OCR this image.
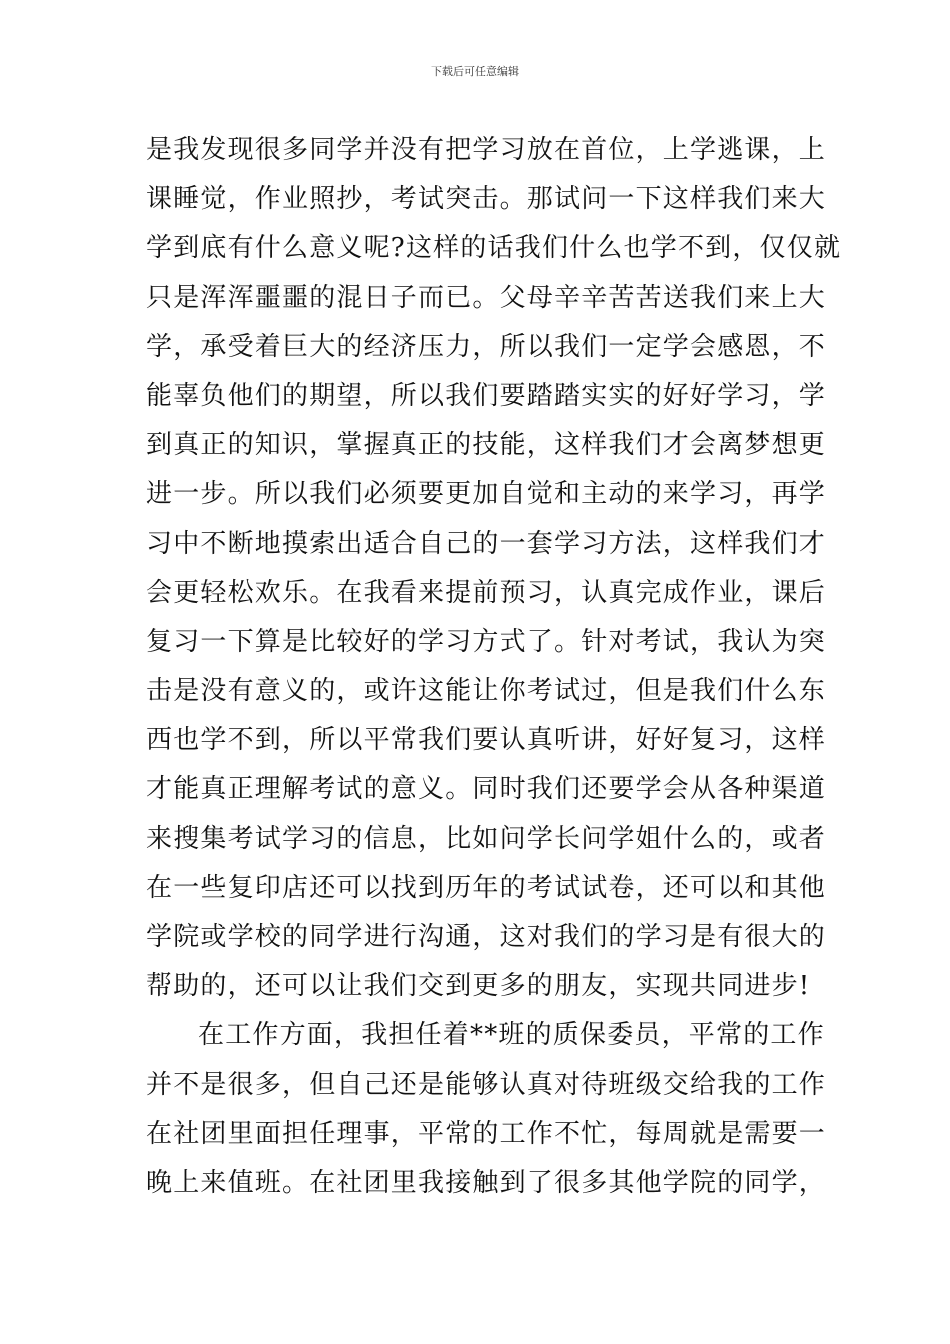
下载后可任意编辑
是我发现很多同学并没有把学习放在首位，上学逃课，上
课睡觉，作业照抄，考试突击。那试问一下这样我们来大
学到底有什么意义呢?这样的话我们什么也学不到，仅仅就
只是浑浑噩噩的混日子而已。父母辛辛苦苦送我们来上大
学，承受着巨大的经济压力，所以我们一定学会感恩，不
能辜负他们的期望，所以我们要踏踏实实的好好学习，学
到真正的知识，掌握真正的技能，这样我们才会离梦想更
进一步。所以我们必须要更加自觉和主动的来学习，再学
习中不断地摸索出适合自己的一套学习方法，这样我们才
会更轻松欢乐。在我看来提前预习，认真完成作业，课后
复习一下算是比较好的学习方式了。针对考试，我认为突
击是没有意义的，或许这能让你考试过，但是我们什么东
西也学不到，所以平常我们要认真听讲，好好复习，这样
才能真正理解考试的意义。同时我们还要学会从各种渠道
来搜集考试学习的信息，比如问学长问学姐什么的，或者
在一些复印店还可以找到历年的考试试卷，还可以和其他
学院或学校的同学进行沟通，这对我们的学习是有很大的
帮助的，还可以让我们交到更多的朋友，实现共同进步!
在工作方面，我担任着**班的质保委员，平常的工作
并不是很多，但自己还是能够认真对待班级交给我的工作
在社团里面担任理事，平常的工作不忙，每周就是需要一
晚上来值班。在社团里我接触到了很多其他学院的同学，
